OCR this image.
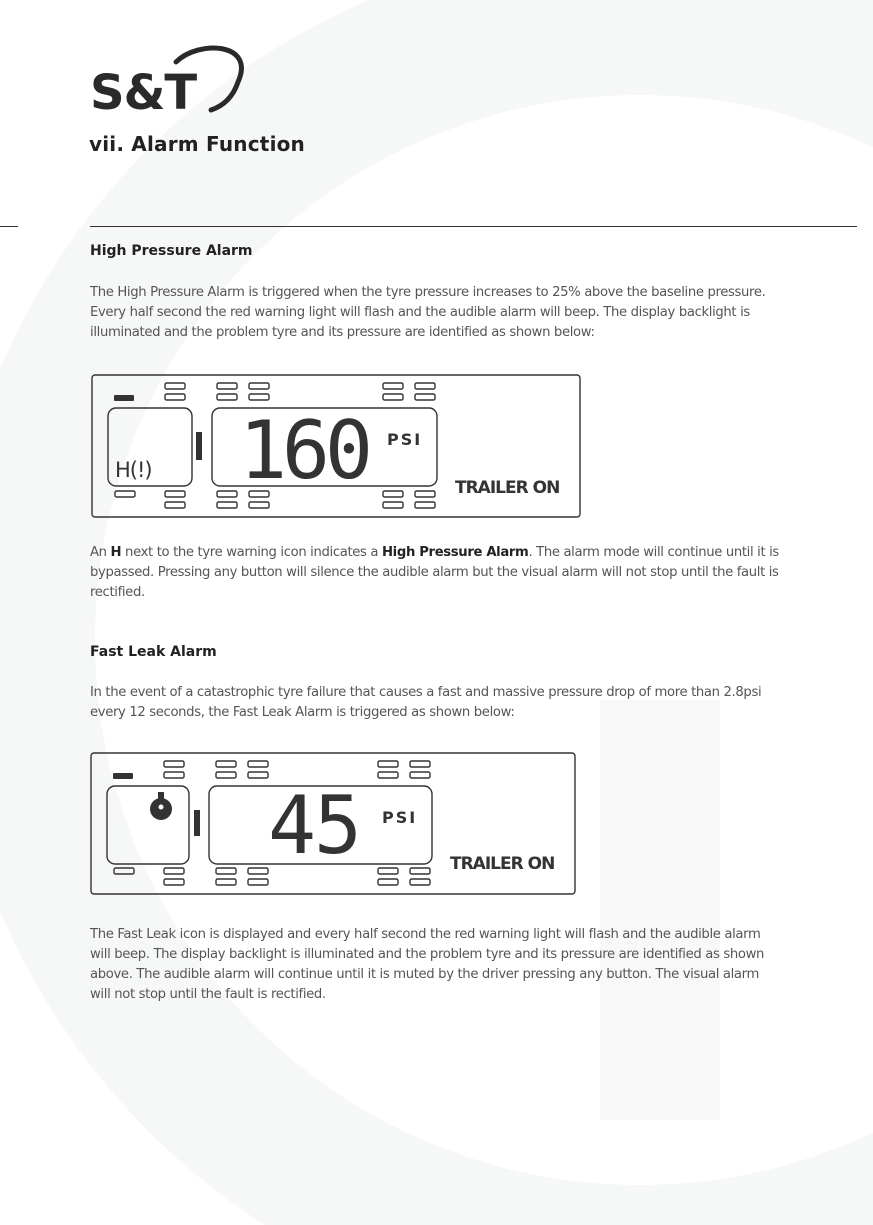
S&T
vii. Alarm Function
High Pressure Alarm
The High Pressure Alarm is triggered when the tyre pressure increases to 25% above the baseline pressure. Every half second the red warning light will flash and the audible alarm will beep. The display backlight is illuminated and the problem tyre and its pressure are identified as shown below:
H(!) 160 PSI
TRAILER ON
An H next to the tyre warning icon indicates a High Pressure Alarm. The alarm mode will continue until it is bypassed. Pressing any button will silence the audible alarm but the visual alarm will not stop until the fault is rectified.
Fast Leak Alarm
In the event of a catastrophic tyre failure that causes a fast and massive pressure drop of more than 2.8psi every 12 seconds, the Fast Leak Alarm is triggered as shown below:
45 PSI
TRAILER ON
The Fast Leak icon is displayed and every half second the red warning light will flash and the audible alarm will beep. The display backlight is illuminated and the problem tyre and its pressure are identified as shown above. The audible alarm will continue until it is muted by the driver pressing any button. The visual alarm will not stop until the fault is rectified.
